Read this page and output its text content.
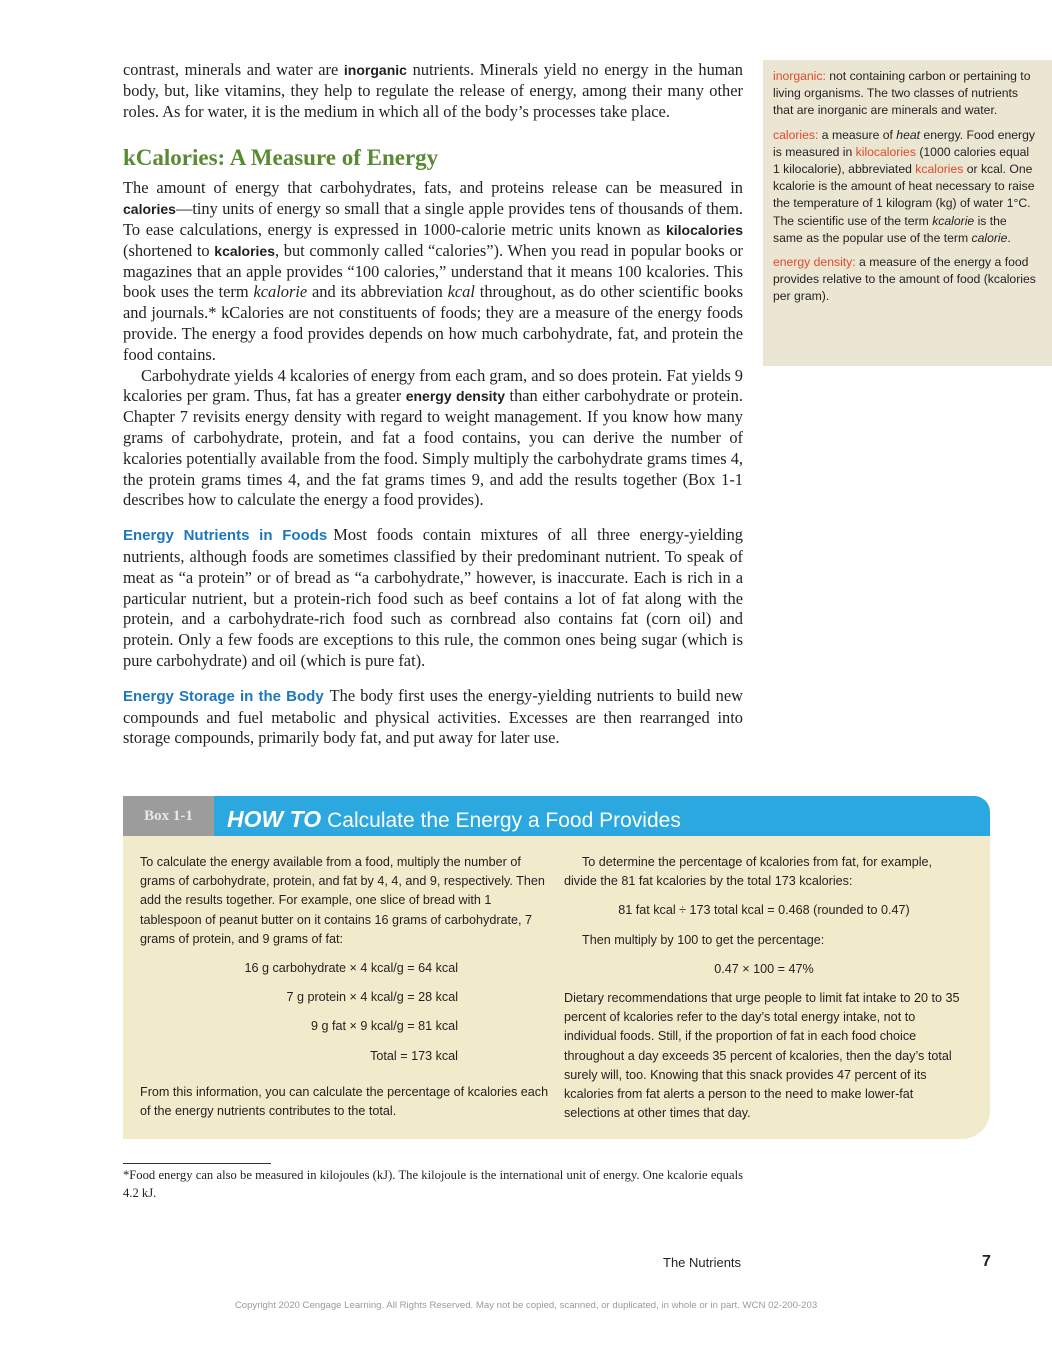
contrast, minerals and water are inorganic nutrients. Minerals yield no energy in the human body, but, like vitamins, they help to regulate the release of energy, among their many other roles. As for water, it is the medium in which all of the body’s processes take place.

kCalories: A Measure of Energy

The amount of energy that carbohydrates, fats, and proteins release can be measured in calories—tiny units of energy so small that a single apple provides tens of thousands of them. To ease calculations, energy is expressed in 1000-calorie metric units known as kilocalories (shortened to kcalories, but commonly called “calories”). When you read in popular books or magazines that an apple provides “100 calories,” understand that it means 100 kcalories. This book uses the term kcalorie and its abbreviation kcal throughout, as do other scientific books and journals.* kCalories are not constituents of foods; they are a measure of the energy foods provide. The energy a food provides depends on how much carbohydrate, fat, and protein the food contains.

Carbohydrate yields 4 kcalories of energy from each gram, and so does protein. Fat yields 9 kcalories per gram. Thus, fat has a greater energy density than either carbohydrate or protein. Chapter 7 revisits energy density with regard to weight management. If you know how many grams of carbohydrate, protein, and fat a food contains, you can derive the number of kcalories potentially available from the food. Simply multiply the carbohydrate grams times 4, the protein grams times 4, and the fat grams times 9, and add the results together (Box 1-1 describes how to calculate the energy a food provides).

Energy Nutrients in Foods Most foods contain mixtures of all three energy-yielding nutrients, although foods are sometimes classified by their predominant nutrient. To speak of meat as “a protein” or of bread as “a carbohydrate,” however, is inaccurate. Each is rich in a particular nutrient, but a protein-rich food such as beef contains a lot of fat along with the protein, and a carbohydrate-rich food such as cornbread also contains fat (corn oil) and protein. Only a few foods are exceptions to this rule, the common ones being sugar (which is pure carbohydrate) and oil (which is pure fat).

Energy Storage in the Body The body first uses the energy-yielding nutrients to build new compounds and fuel metabolic and physical activities. Excesses are then rearranged into storage compounds, primarily body fat, and put away for later use.

inorganic: not containing carbon or pertaining to living organisms. The two classes of nutrients that are inorganic are minerals and water.

calories: a measure of heat energy. Food energy is measured in kilocalories (1000 calories equal 1 kilocalorie), abbreviated kcalories or kcal. One kcalorie is the amount of heat necessary to raise the temperature of 1 kilogram (kg) of water 1°C. The scientific use of the term kcalorie is the same as the popular use of the term calorie.

energy density: a measure of the energy a food provides relative to the amount of food (kcalories per gram).

Box 1-1	HOW TO Calculate the Energy a Food Provides

To calculate the energy available from a food, multiply the number of grams of carbohydrate, protein, and fat by 4, 4, and 9, respectively. Then add the results together. For example, one slice of bread with 1 tablespoon of peanut butter on it contains 16 grams of carbohydrate, 7 grams of protein, and 9 grams of fat:

16 g carbohydrate × 4 kcal/g = 64 kcal

7 g protein × 4 kcal/g = 28 kcal

9 g fat × 9 kcal/g = 81 kcal

Total = 173 kcal

From this information, you can calculate the percentage of kcalories each of the energy nutrients contributes to the total.

To determine the percentage of kcalories from fat, for example, divide the 81 fat kcalories by the total 173 kcalories:

81 fat kcal ÷ 173 total kcal = 0.468 (rounded to 0.47)

Then multiply by 100 to get the percentage:

0.47 × 100 = 47%

Dietary recommendations that urge people to limit fat intake to 20 to 35 percent of kcalories refer to the day’s total energy intake, not to individual foods. Still, if the proportion of fat in each food choice throughout a day exceeds 35 percent of kcalories, then the day’s total surely will, too. Knowing that this snack provides 47 percent of its kcalories from fat alerts a person to the need to make lower-fat selections at other times that day.

*Food energy can also be measured in kilojoules (kJ). The kilojoule is the international unit of energy. One kcalorie equals 4.2 kJ.
The Nutrients	7
Copyright 2020 Cengage Learning. All Rights Reserved. May not be copied, scanned, or duplicated, in whole or in part. WCN 02-200-203
